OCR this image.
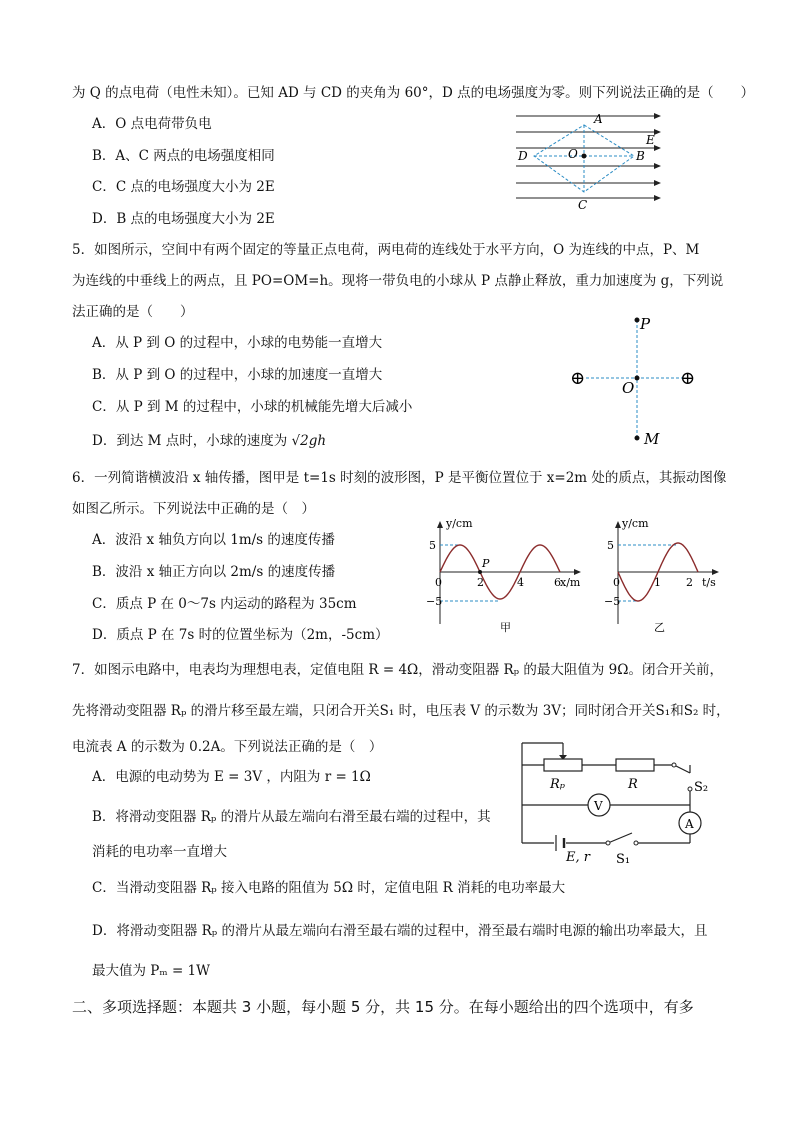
为 Q 的点电荷（电性未知）。已知 AD 与 CD 的夹角为 60°，D 点的电场强度为零。则下列说法正确的是（　　）
A．O 点电荷带负电
B．A、C 两点的电场强度相同
C．C 点的电场强度大小为 2E
D．B 点的电场强度大小为 2E
A
B
C
D
E
O
5．如图所示，空间中有两个固定的等量正点电荷，两电荷的连线处于水平方向，O 为连线的中点，P、M
为连线的中垂线上的两点，且 PO=OM=h。现将一带负电的小球从 P 点静止释放，重力加速度为 g，下列说
法正确的是（　　）
A．从 P 到 O 的过程中，小球的电势能一直增大
B．从 P 到 O 的过程中，小球的加速度一直增大
C．从 P 到 M 的过程中，小球的机械能先增大后减小
D．到达 M 点时，小球的速度为 √2gh
P
O
M
⊕	⊕
6．一列简谐横波沿 x 轴传播，图甲是 t=1s 时刻的波形图，P 是平衡位置位于 x=2m 处的质点，其振动图像
如图乙所示。下列说法中正确的是（　）
A．波沿 x 轴负方向以 1m/s 的速度传播
B．波沿 x 轴正方向以 2m/s 的速度传播
C．质点 P 在 0～7s 内运动的路程为 35cm
D．质点 P 在 7s 时的位置坐标为（2m，-5cm）
P
y/cm
x/m
5
−5
0	2	4	6
甲
y/cm
t/s
5
−5
0	1 2
乙
7．如图示电路中，电表均为理想电表，定值电阻 R = 4Ω，滑动变阻器 Rₚ 的最大阻值为 9Ω。闭合开关前，
先将滑动变阻器 Rₚ 的滑片移至最左端，只闭合开关S₁ 时，电压表 V 的示数为 3V；同时闭合开关S₁和S₂ 时，
电流表 A 的示数为 0.2A。下列说法正确的是（　）
A．电源的电动势为 E = 3V ，内阻为 r = 1Ω
B．将滑动变阻器 Rₚ 的滑片从最左端向右滑至最右端的过程中，其
消耗的电功率一直增大
C．当滑动变阻器 Rₚ 接入电路的阻值为 5Ω 时，定值电阻 R 消耗的电功率最大
D．将滑动变阻器 Rₚ 的滑片从最左端向右滑至最右端的过程中，滑至最右端时电源的输出功率最大，且
最大值为 Pₘ = 1W
Rₚ	R	S₂
V
A
E, r S₁
二、多项选择题：本题共 3 小题，每小题 5 分，共 15 分。在每小题给出的四个选项中，有多
